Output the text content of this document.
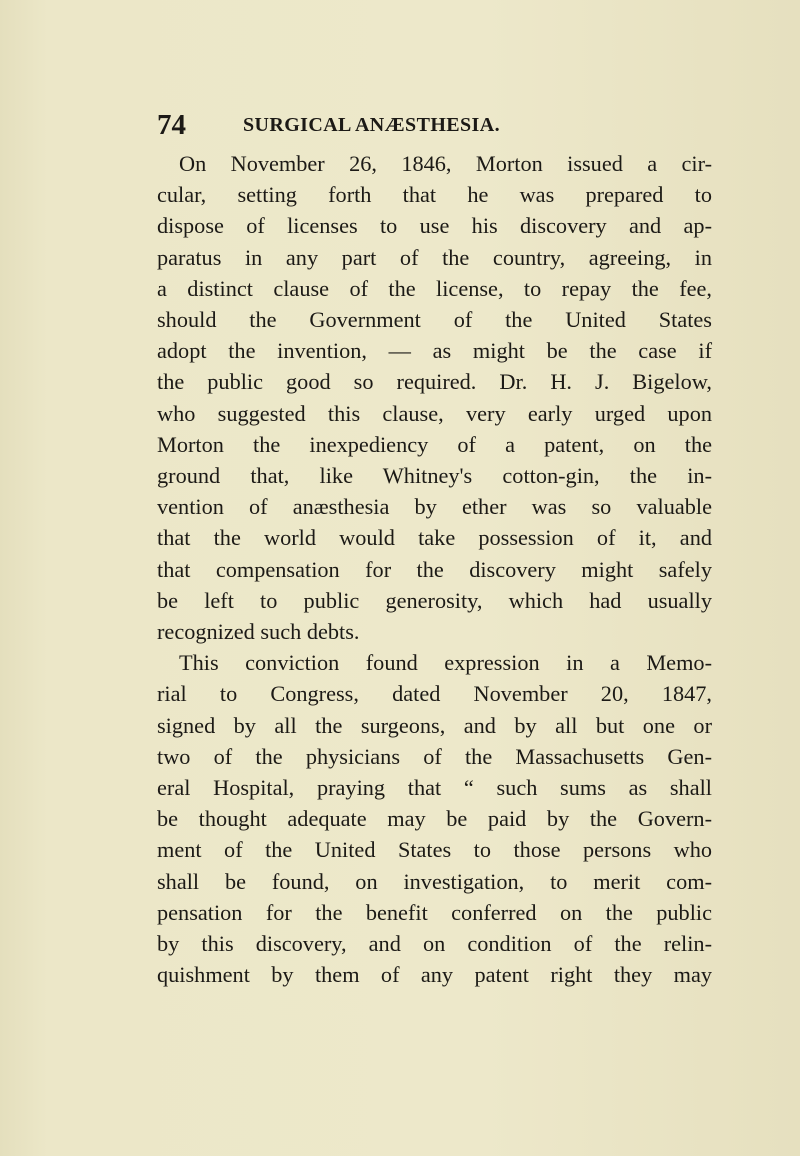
74	SURGICAL ANÆSTHESIA.
On November 26, 1846, Morton issued a cir-
cular, setting forth that he was prepared to
dispose of licenses to use his discovery and ap-
paratus in any part of the country, agreeing, in
a distinct clause of the license, to repay the fee,
should the Government of the United States
adopt the invention, — as might be the case if
the public good so required. Dr. H. J. Bigelow,
who suggested this clause, very early urged upon
Morton the inexpediency of a patent, on the
ground that, like Whitney's cotton-gin, the in-
vention of anæsthesia by ether was so valuable
that the world would take possession of it, and
that compensation for the discovery might safely
be left to public generosity, which had usually
recognized such debts.
This conviction found expression in a Memo-
rial to Congress, dated November 20, 1847,
signed by all the surgeons, and by all but one or
two of the physicians of the Massachusetts Gen-
eral Hospital, praying that “ such sums as shall
be thought adequate may be paid by the Govern-
ment of the United States to those persons who
shall be found, on investigation, to merit com-
pensation for the benefit conferred on the public
by this discovery, and on condition of the relin-
quishment by them of any patent right they may
